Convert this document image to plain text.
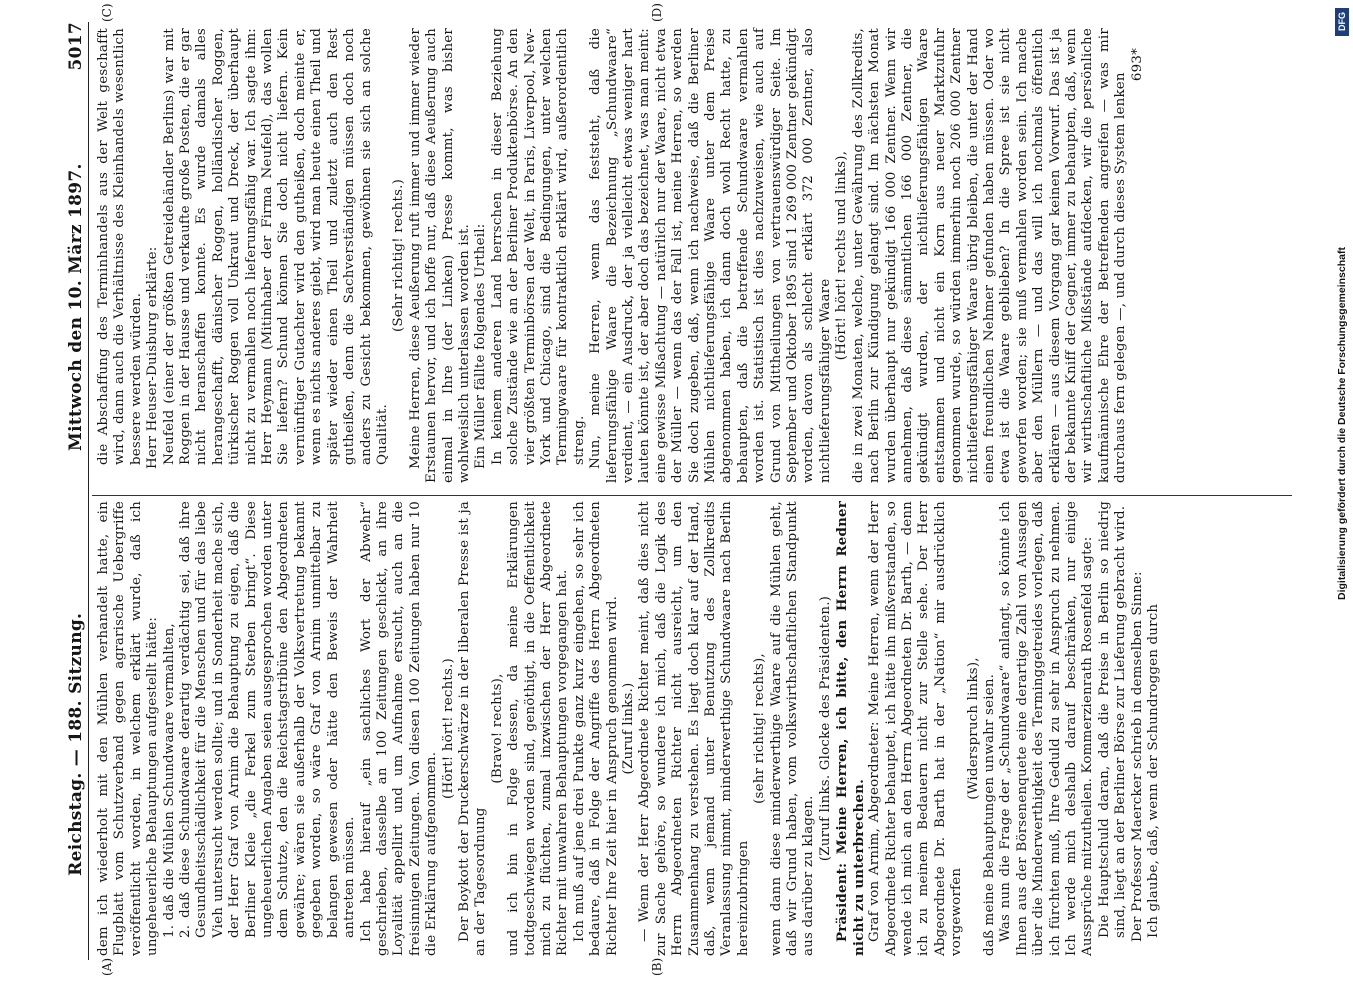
Reichstag. — 188. Sitzung.
Mittwoch den 10. März 1897.
5017
(A)	(B)
(C)	(D)

dem ich wiederholt mit den Mühlen verhandelt hatte, ein Flugblatt vom Schutzverband gegen agrarische Uebergriffe veröffentlicht worden, in welchem erklärt wurde, daß ich ungeheuerliche Behauptungen aufgestellt hätte: 1. daß die Mühlen Schundwaare vermahlten, 2. daß diese Schundwaare derartig verdächtig sei, daß ihre Gesundheitsschädlichkeit für die Menschen und für das liebe Vieh untersucht werden sollte; und in Sonderheit mache sich, der Herr Graf von Arnim die Behauptung zu eigen, daß die Berliner Kleie „die Ferkel zum Sterben bringt“. Diese ungeheuerlichen Angaben seien ausgesprochen worden unter dem Schutze, den die Reichstagstribüne den Abgeordneten gewähre; wären sie außerhalb der Volksvertretung bekannt gegeben worden, so wäre Graf von Arnim unmittelbar zu belangen gewesen oder hätte den Beweis der Wahrheit antreten müssen. Ich habe hierauf „ein sachliches Wort der Abwehr“ geschrieben, dasselbe an 100 Zeitungen geschickt, an ihre Loyalität appellirt und um Aufnahme ersucht, auch an die freisinnigen Zeitungen. Von diesen 100 Zeitungen haben nur 10 die Erklärung aufgenommen.

(Hört! hört! rechts.) Der Boykott der Druckerschwärze in der liberalen Presse ist ja an der Tagesordnung

(Bravo! rechts), und ich bin in Folge dessen, da meine Erklärungen todtgeschwiegen worden sind, genöthigt, in die Oeffentlichkeit mich zu flüchten, zumal inzwischen der Herr Abgeordnete Richter mit unwahren Behauptungen vorgegangen hat. Ich muß auf jene drei Punkte ganz kurz eingehen, so sehr ich bedaure, daß in Folge der Angriffe des Herrn Abgeordneten Richter Ihre Zeit hier in Anspruch genommen wird. (Zuruf links.) — Wenn der Herr Abgeordnete Richter meint, daß dies nicht zur Sache gehöre, so wundere ich mich, daß die Logik des Herrn Abgeordneten Richter nicht ausreicht, um den Zusammenhang zu verstehen. Es liegt doch klar auf der Hand, daß, wenn jemand unter Benutzung des Zollkredits Veranlassung nimmt, minderwerthige Schundwaare nach Berlin hereinzubringen

(sehr richtig! rechts), wenn dann diese minderwerthige Waare auf die Mühlen geht, daß wir Grund haben, vom volkswirthschaftlichen Standpunkt aus darüber zu klagen.

(Zuruf links. Glocke des Präsidenten.) Präsident: Meine Herren, ich bitte, den Herrn Redner nicht zu unterbrechen. Graf von Arnim, Abgeordneter: Meine Herren, wenn der Herr Abgeordnete Richter behauptet, ich hätte ihn mißverstanden, so wende ich mich an den Herrn Abgeordneten Dr. Barth, — denn ich zu meinem Bedauern nicht zur Stelle sehe. Der Herr Abgeordnete Dr. Barth hat in der „Nation“ mir ausdrücklich vorgeworfen

(Widerspruch links), daß meine Behauptungen unwahr seien. Was nun die Frage der „Schundwaare“ anlangt, so könnte ich Ihnen aus der Börsenenquete eine derartige Zahl von Aussagen über die Minderwerthigkeit des Terminggetreides vorlegen, daß ich fürchten muß, Ihre Geduld zu sehr in Anspruch zu nehmen. Ich werde mich deshalb darauf beschränken, nur einige Aussprüche mitzutheilen. Kommerzienrath Rosenfeld sagte: Die Hauptschuld daran, daß die Preise in Berlin so niedrig sind, liegt an der Berliner Börse zur Lieferung gebracht wird. Der Professor Maercker schrieb in demselben Sinne: Ich glaube, daß, wenn der Schundroggen durch

die Abschaffung des Terminhandels aus der Welt geschafft wird, dann auch die Verhältnisse des Kleinhandels wesentlich bessere werden würden. Herr Heuser-Duisburg erklärte: Neufeld (einer der größten Getreidehändler Berlins) war mit Roggen in der Hausse und verkaufte große Posten, die er gar nicht heranschaffen konnte. Es wurde damals alles herangeschafft, dänischer Roggen, holländischer Roggen, türkischer Roggen voll Unkraut und Dreck, der überhaupt nicht zu vermahlen noch lieferungsfähig war. Ich sagte ihm: Herr Heymann (Mitinhaber der Firma Neufeld), das wollen Sie liefern? Schund können Sie doch nicht liefern. Kein vernünftiger Gutachter wird den gutheißen, doch meinte er, wenn es nichts anderes giebt, wird man heute einen Theil und später wieder einen Theil und zuletzt auch den Rest gutheißen, denn die Sachverständigen müssen doch noch anders zu Gesicht bekommen, gewöhnen sie sich an solche Qualität.

(Sehr richtig! rechts.) Meine Herren, diese Aeußerung ruft immer und immer wieder Erstaunen hervor, und ich hoffe nur, daß diese Aeußerung auch einmal in Ihre (der Linken) Presse kommt, was bisher wohlweislich unterlassen worden ist. Ein Müller fällte folgendes Urtheil: In keinem anderen Land herrschen in dieser Beziehung solche Zustände wie an der Berliner Produktenbörse. An den vier größten Terminbörsen der Welt, in Paris, Liverpool, New-York und Chicago, sind die Bedingungen, unter welchen Termingwaare für kontraktlich erklärt wird, außerordentlich streng. Nun, meine Herren, wenn das feststeht, daß die lieferungsfähige Waare die Bezeichnung „Schundwaare“ verdient, — ein Ausdruck, der ja vielleicht etwas weniger hart lauten könnte ist, der aber doch das bezeichnet, was man meint: eine gewisse Mißachtung — natürlich nur der Waare, nicht etwa der Müller — wenn das der Fall ist, meine Herren, so werden Sie doch zugeben, daß, wenn ich nachweise, daß die Berliner Mühlen nichtlieferungsfähige Waare unter dem Preise abgenommen haben, ich dann doch wohl Recht hatte, zu behaupten, daß die betreffende Schundwaare vermahlen worden ist. Statistisch ist dies nachzuweisen, wie auch auf Grund von Mittheilungen von vertrauenswürdiger Seite. Im September und Oktober 1895 sind 1 269 000 Zentner gekündigt worden, davon als schlecht erklärt 372 000 Zentner, also nichtlieferungsfähiger Waare

(Hört! hört! rechts und links), die in zwei Monaten, welche, unter Gewährung des Zollkredits, nach Berlin zur Kündigung gelangt sind. Im nächsten Monat wurden überhaupt nur gekündigt 166 000 Zentner. Wenn wir annehmen, daß diese sämmtlichen 166 000 Zentner, die gekündigt wurden, der nichtlieferungsfähigen Waare entstammen und nicht ein Korn aus neuer Marktzufuhr genommen wurde, so würden immerhin noch 206 000 Zentner nichtlieferungsfähiger Waare übrig bleiben, die unter der Hand einen freundlichen Nehmer gefunden haben müssen. Oder wo etwa ist die Waare geblieben? In die Spree ist sie nicht geworfen worden; sie muß vermahlen worden sein. Ich mache aber den Müllern — und das will ich nochmals öffentlich erklären — aus diesem Vorgang gar keinen Vorwurf. Das ist ja der bekannte Kniff der Gegner, immer zu behaupten, daß, wenn wir wirthschaftliche Mißstände aufdecken, wir die persönliche kaufmännische Ehre der Betreffenden angreifen — was mir durchaus fern gelegen —, und durch dieses System lenken

693*

DFG
Digitalisierung gefördert durch die Deutsche Forschungsgemeinschaft
